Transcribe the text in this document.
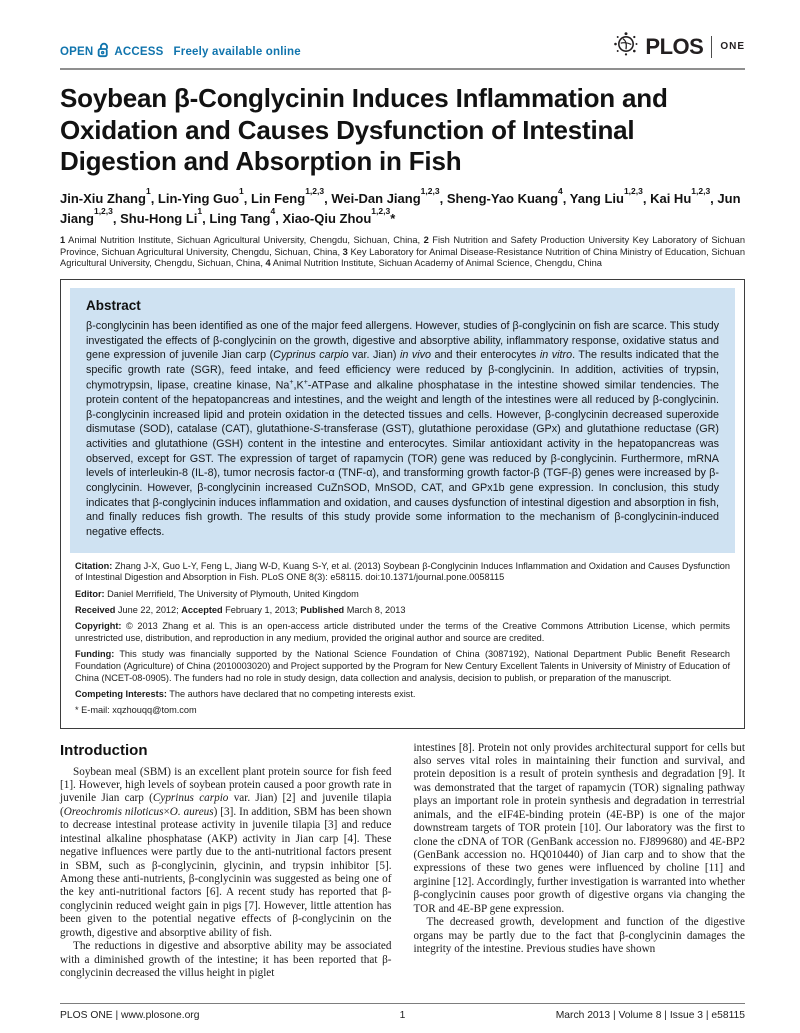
OPEN ACCESS Freely available online	PLOS ONE
Soybean β-Conglycinin Induces Inflammation and Oxidation and Causes Dysfunction of Intestinal Digestion and Absorption in Fish

Jin-Xiu Zhang$^1$, Lin-Ying Guo$^1$, Lin Feng$^{1,2,3}$, Wei-Dan Jiang$^{1,2,3}$, Sheng-Yao Kuang$^4$, Yang Liu$^{1,2,3}$, Kai Hu$^{1,2,3}$, Jun Jiang$^{1,2,3}$, Shu-Hong Li$^1$, Ling Tang$^4$, Xiao-Qiu Zhou$^{1,2,3}$*

1 Animal Nutrition Institute, Sichuan Agricultural University, Chengdu, Sichuan, China, 2 Fish Nutrition and Safety Production University Key Laboratory of Sichuan Province, Sichuan Agricultural University, Chengdu, Sichuan, China, 3 Key Laboratory for Animal Disease-Resistance Nutrition of China Ministry of Education, Sichuan Agricultural University, Chengdu, Sichuan, China, 4 Animal Nutrition Institute, Sichuan Academy of Animal Science, Chengdu, China

Abstract

β-conglycinin has been identified as one of the major feed allergens. However, studies of β-conglycinin on fish are scarce. This study investigated the effects of β-conglycinin on the growth, digestive and absorptive ability, inflammatory response, oxidative status and gene expression of juvenile Jian carp (Cyprinus carpio var. Jian) in vivo and their enterocytes in vitro. The results indicated that the specific growth rate (SGR), feed intake, and feed efficiency were reduced by β-conglycinin. In addition, activities of trypsin, chymotrypsin, lipase, creatine kinase, Na+,K+-ATPase and alkaline phosphatase in the intestine showed similar tendencies. The protein content of the hepatopancreas and intestines, and the weight and length of the intestines were all reduced by β-conglycinin. β-conglycinin increased lipid and protein oxidation in the detected tissues and cells. However, β-conglycinin decreased superoxide dismutase (SOD), catalase (CAT), glutathione-S-transferase (GST), glutathione peroxidase (GPx) and glutathione reductase (GR) activities and glutathione (GSH) content in the intestine and enterocytes. Similar antioxidant activity in the hepatopancreas was observed, except for GST. The expression of target of rapamycin (TOR) gene was reduced by β-conglycinin. Furthermore, mRNA levels of interleukin-8 (IL-8), tumor necrosis factor-α (TNF-α), and transforming growth factor-β (TGF-β) genes were increased by β-conglycinin. However, β-conglycinin increased CuZnSOD, MnSOD, CAT, and GPx1b gene expression. In conclusion, this study indicates that β-conglycinin induces inflammation and oxidation, and causes dysfunction of intestinal digestion and absorption in fish, and finally reduces fish growth. The results of this study provide some information to the mechanism of β-conglycinin-induced negative effects.

Citation: Zhang J-X, Guo L-Y, Feng L, Jiang W-D, Kuang S-Y, et al. (2013) Soybean β-Conglycinin Induces Inflammation and Oxidation and Causes Dysfunction of Intestinal Digestion and Absorption in Fish. PLoS ONE 8(3): e58115. doi:10.1371/journal.pone.0058115

Editor: Daniel Merrifield, The University of Plymouth, United Kingdom

Received June 22, 2012; Accepted February 1, 2013; Published March 8, 2013

Copyright: © 2013 Zhang et al. This is an open-access article distributed under the terms of the Creative Commons Attribution License, which permits unrestricted use, distribution, and reproduction in any medium, provided the original author and source are credited.

Funding: This study was financially supported by the National Science Foundation of China (3087192), National Department Public Benefit Research Foundation (Agriculture) of China (2010003020) and Project supported by the Program for New Century Excellent Talents in University of Ministry of Education of China (NCET-08-0905). The funders had no role in study design, data collection and analysis, decision to publish, or preparation of the manuscript.

Competing Interests: The authors have declared that no competing interests exist.

* E-mail: xqzhouqq@tom.com

Introduction

Soybean meal (SBM) is an excellent plant protein source for fish feed [1]. However, high levels of soybean protein caused a poor growth rate in juvenile Jian carp (Cyprinus carpio var. Jian) [2] and juvenile tilapia (Oreochromis niloticus×O. aureus) [3]. In addition, SBM has been shown to decrease intestinal protease activity in juvenile tilapia [3] and reduce intestinal alkaline phosphatase (AKP) activity in Jian carp [4]. These negative influences were partly due to the anti-nutritional factors present in SBM, such as β-conglycinin, glycinin, and trypsin inhibitor [5]. Among these anti-nutrients, β-conglycinin was suggested as being one of the key anti-nutritional factors [6]. A recent study has reported that β-conglycinin reduced weight gain in pigs [7]. However, little attention has been given to the potential negative effects of β-conglycinin on the growth, digestive and absorptive ability of fish.

The reductions in digestive and absorptive ability may be associated with a diminished growth of the intestine; it has been reported that β-conglycinin decreased the villus height in piglet

intestines [8]. Protein not only provides architectural support for cells but also serves vital roles in maintaining their function and survival, and protein deposition is a result of protein synthesis and degradation [9]. It was demonstrated that the target of rapamycin (TOR) signaling pathway plays an important role in protein synthesis and degradation in terrestrial animals, and the eIF4E-binding protein (4E-BP) is one of the major downstream targets of TOR protein [10]. Our laboratory was the first to clone the cDNA of TOR (GenBank accession no. FJ899680) and 4E-BP2 (GenBank accession no. HQ010440) of Jian carp and to show that the expressions of these two genes were influenced by choline [11] and arginine [12]. Accordingly, further investigation is warranted into whether β-conglycinin causes poor growth of digestive organs via changing the TOR and 4E-BP gene expression.

The decreased growth, development and function of the digestive organs may be partly due to the fact that β-conglycinin damages the integrity of the intestine. Previous studies have shown

PLOS ONE | www.plosone.org	1	March 2013 | Volume 8 | Issue 3 | e58115
